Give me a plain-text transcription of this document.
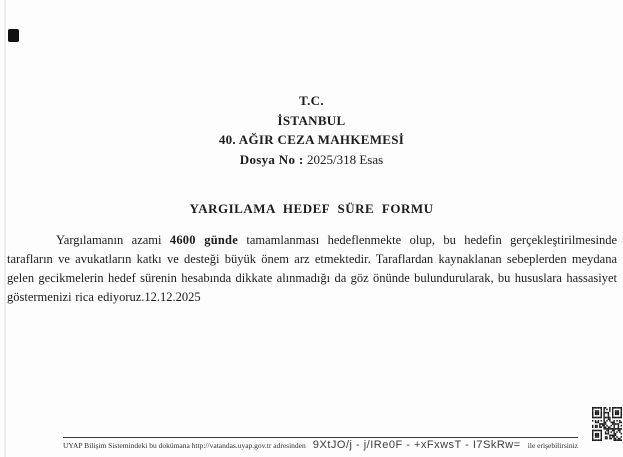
T.C.
İSTANBUL
40. AĞIR CEZA MAHKEMESİ
Dosya No : 2025/318 Esas
YARGILAMA HEDEF SÜRE FORMU

Yargılamanın azami 4600 günde tamamlanması hedeflenmekte olup, bu hedefin gerçekleştirilmesinde tarafların ve avukatların katkı ve desteği büyük önem arz etmektedir. Taraflardan kaynaklanan sebeplerden meydana gelen gecikmelerin hedef sürenin hesabında dikkate alınmadığı da göz önünde bulundurularak, bu hususlara hassasiyet göstermenizi rica ediyoruz.12.12.2025

UYAP Bilişim Sistemindeki bu dokümana http://vatandas.uyap.gov.tr adresinden 9XtJO/j - j/IRe0F - +xFxwsT - I7SkRw= ile erişebilirsiniz
